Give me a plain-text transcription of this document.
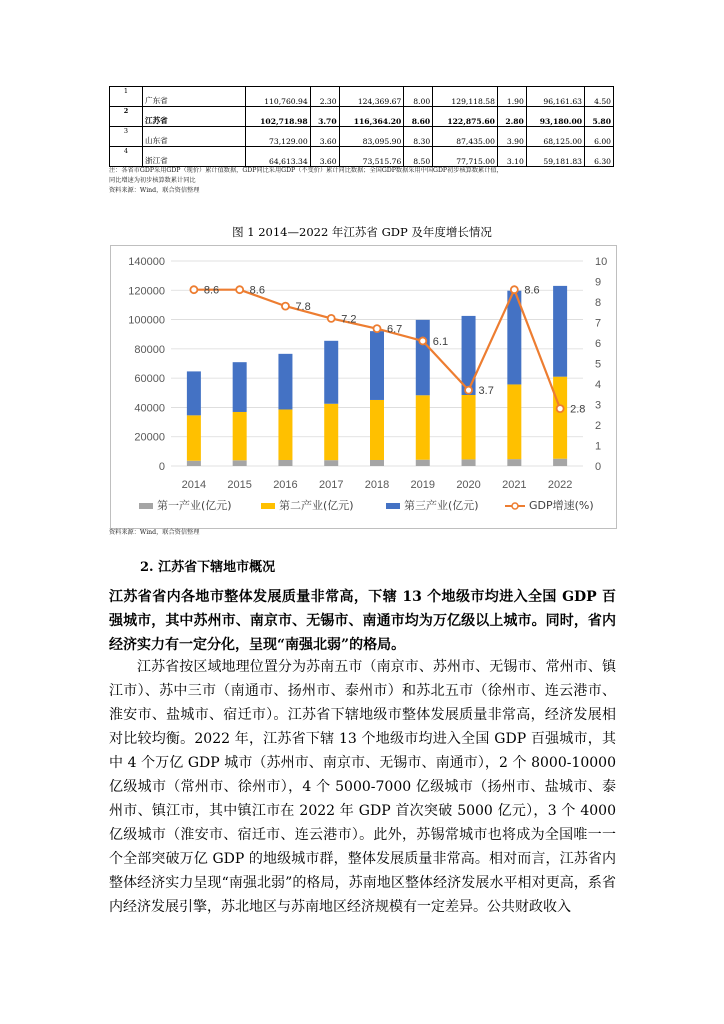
1	广东省	110,760.94	2.30	124,369.67	8.00	129,118.58	1.90	96,161.63	4.50
2	江苏省	102,718.98	3.70	116,364.20	8.60	122,875.60	2.80	93,180.00	5.80
3	山东省	73,129.00	3.60	83,095.90	8.30	87,435.00	3.90	68,125.00	6.00
4	浙江省	64,613.34	3.60	73,515.76	8.50	77,715.00	3.10	59,181.83	6.30
注：各省市GDP采用GDP（现价）累计值数据，GDP同比采用GDP（不变价）累计同比数据；全国GDP数据采用中国GDP初步核算数累计值，
同比增速为初步核算数累计同比
资料来源：Wind，联合资信整理
图 1 2014—2022 年江苏省 GDP 及年度增长情况
0
20000
40000
60000
80000
100000
120000
140000
0
1
2
3
4
5
6
7
8
9
10
2014 2015 2016 2017 2018 2019 2020 2021 2022
8.6	8.6
7.8
7.2
6.7
6.1
3.7
8.6
2.8
第一产业(亿元)	第二产业(亿元)	第三产业(亿元)	GDP增速(%)
资料来源：Wind，联合资信整理
2. 江苏省下辖地市概况
江苏省省内各地市整体发展质量非常高，下辖 13 个地级市均进入全国 GDP 百强城市，其中苏州市、南京市、无锡市、南通市均为万亿级以上城市。同时，省内经济实力有一定分化，呈现“南强北弱”的格局。
江苏省按区域地理位置分为苏南五市（南京市、苏州市、无锡市、常州市、镇江市）、苏中三市（南通市、扬州市、泰州市）和苏北五市（徐州市、连云港市、淮安市、盐城市、宿迁市）。江苏省下辖地级市整体发展质量非常高，经济发展相对比较均衡。2022 年，江苏省下辖 13 个地级市均进入全国 GDP 百强城市，其中 4 个万亿 GDP 城市（苏州市、南京市、无锡市、南通市），2 个 8000-10000 亿级城市（常州市、徐州市），4 个 5000-7000 亿级城市（扬州市、盐城市、泰州市、镇江市，其中镇江市在 2022 年 GDP 首次突破 5000 亿元），3 个 4000 亿级城市（淮安市、宿迁市、连云港市）。此外，苏锡常城市也将成为全国唯一一个全部突破万亿 GDP 的地级城市群，整体发展质量非常高。相对而言，江苏省内整体经济实力呈现“南强北弱”的格局，苏南地区整体经济发展水平相对更高，系省内经济发展引擎，苏北地区与苏南地区经济规模有一定差异。公共财政收入
